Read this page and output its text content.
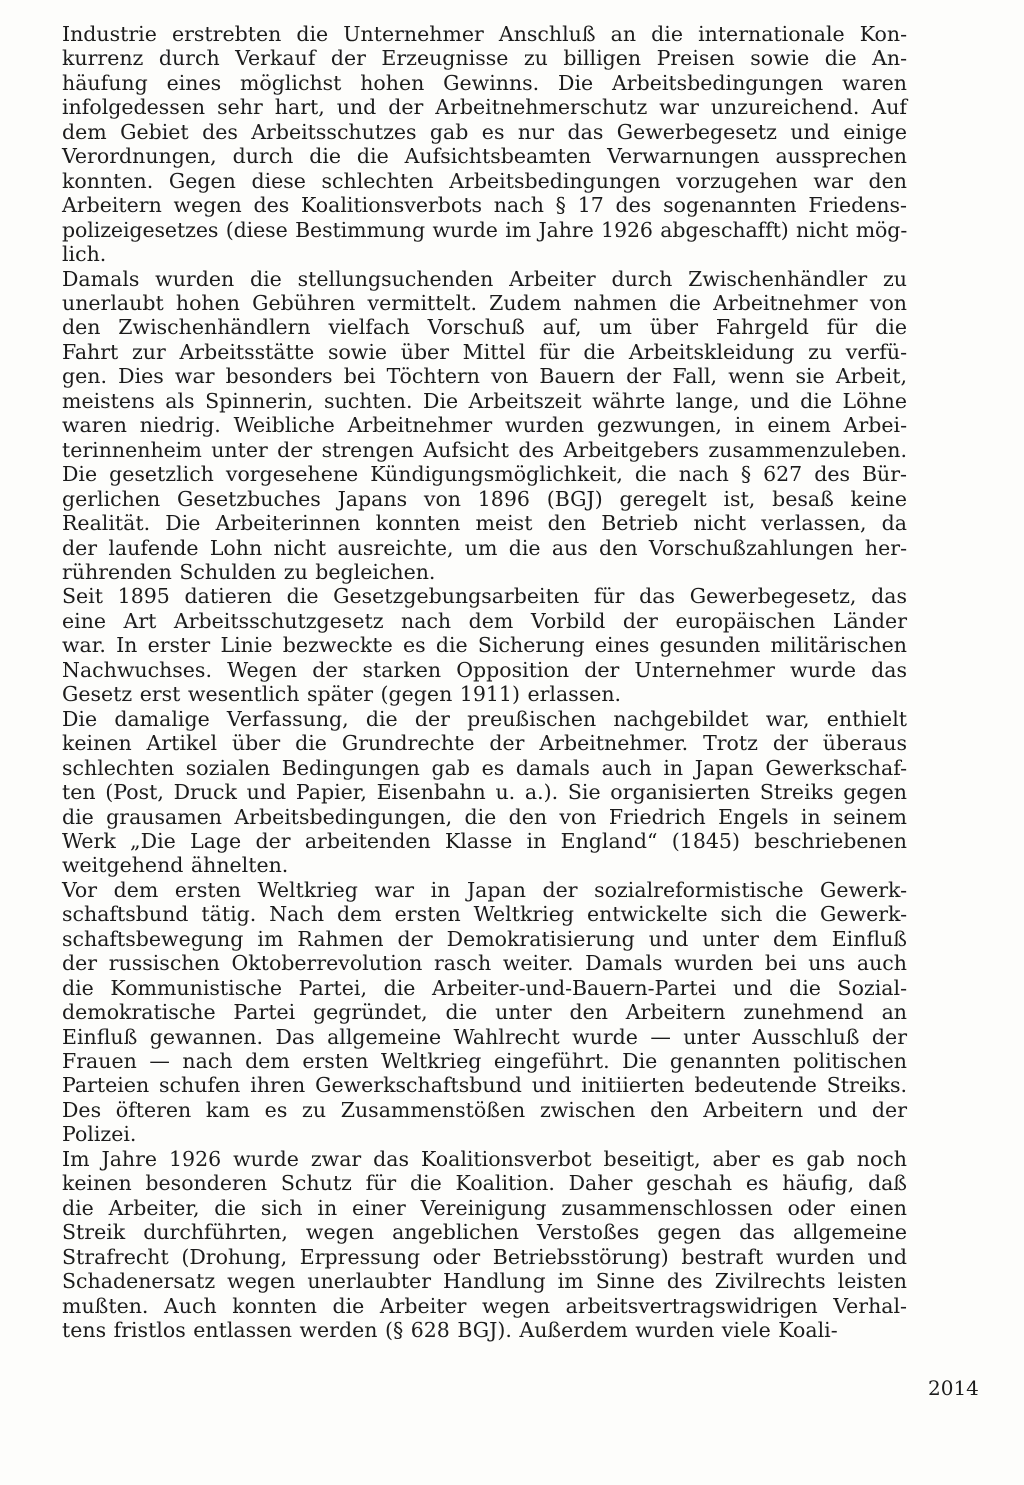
Industrie erstrebten die Unternehmer Anschluß an die internationale Kon-
kurrenz durch Verkauf der Erzeugnisse zu billigen Preisen sowie die An-
häufung eines möglichst hohen Gewinns. Die Arbeitsbedingungen waren
infolgedessen sehr hart, und der Arbeitnehmerschutz war unzureichend. Auf
dem Gebiet des Arbeitsschutzes gab es nur das Gewerbegesetz und einige
Verordnungen, durch die die Aufsichtsbeamten Verwarnungen aussprechen
konnten. Gegen diese schlechten Arbeitsbedingungen vorzugehen war den
Arbeitern wegen des Koalitionsverbots nach § 17 des sogenannten Friedens-
polizeigesetzes (diese Bestimmung wurde im Jahre 1926 abgeschafft) nicht mög-
lich.
Damals wurden die stellungsuchenden Arbeiter durch Zwischenhändler zu
unerlaubt hohen Gebühren vermittelt. Zudem nahmen die Arbeitnehmer von
den Zwischenhändlern vielfach Vorschuß auf, um über Fahrgeld für die
Fahrt zur Arbeitsstätte sowie über Mittel für die Arbeitskleidung zu verfü-
gen. Dies war besonders bei Töchtern von Bauern der Fall, wenn sie Arbeit,
meistens als Spinnerin, suchten. Die Arbeitszeit währte lange, und die Löhne
waren niedrig. Weibliche Arbeitnehmer wurden gezwungen, in einem Arbei-
terinnenheim unter der strengen Aufsicht des Arbeitgebers zusammenzuleben.
Die gesetzlich vorgesehene Kündigungsmöglichkeit, die nach § 627 des Bür-
gerlichen Gesetzbuches Japans von 1896 (BGJ) geregelt ist, besaß keine
Realität. Die Arbeiterinnen konnten meist den Betrieb nicht verlassen, da
der laufende Lohn nicht ausreichte, um die aus den Vorschußzahlungen her-
rührenden Schulden zu begleichen.
Seit 1895 datieren die Gesetzgebungsarbeiten für das Gewerbegesetz, das
eine Art Arbeitsschutzgesetz nach dem Vorbild der europäischen Länder
war. In erster Linie bezweckte es die Sicherung eines gesunden militärischen
Nachwuchses. Wegen der starken Opposition der Unternehmer wurde das
Gesetz erst wesentlich später (gegen 1911) erlassen.
Die damalige Verfassung, die der preußischen nachgebildet war, enthielt
keinen Artikel über die Grundrechte der Arbeitnehmer. Trotz der überaus
schlechten sozialen Bedingungen gab es damals auch in Japan Gewerkschaf-
ten (Post, Druck und Papier, Eisenbahn u. a.). Sie organisierten Streiks gegen
die grausamen Arbeitsbedingungen, die den von Friedrich Engels in seinem
Werk „Die Lage der arbeitenden Klasse in England“ (1845) beschriebenen
weitgehend ähnelten.
Vor dem ersten Weltkrieg war in Japan der sozialreformistische Gewerk-
schaftsbund tätig. Nach dem ersten Weltkrieg entwickelte sich die Gewerk-
schaftsbewegung im Rahmen der Demokratisierung und unter dem Einfluß
der russischen Oktoberrevolution rasch weiter. Damals wurden bei uns auch
die Kommunistische Partei, die Arbeiter-und-Bauern-Partei und die Sozial-
demokratische Partei gegründet, die unter den Arbeitern zunehmend an
Einfluß gewannen. Das allgemeine Wahlrecht wurde — unter Ausschluß der
Frauen — nach dem ersten Weltkrieg eingeführt. Die genannten politischen
Parteien schufen ihren Gewerkschaftsbund und initiierten bedeutende Streiks.
Des öfteren kam es zu Zusammenstößen zwischen den Arbeitern und der
Polizei.
Im Jahre 1926 wurde zwar das Koalitionsverbot beseitigt, aber es gab noch
keinen besonderen Schutz für die Koalition. Daher geschah es häufig, daß
die Arbeiter, die sich in einer Vereinigung zusammenschlossen oder einen
Streik durchführten, wegen angeblichen Verstoßes gegen das allgemeine
Strafrecht (Drohung, Erpressung oder Betriebsstörung) bestraft wurden und
Schadenersatz wegen unerlaubter Handlung im Sinne des Zivilrechts leisten
mußten. Auch konnten die Arbeiter wegen arbeitsvertragswidrigen Verhal-
tens fristlos entlassen werden (§ 628 BGJ). Außerdem wurden viele Koali-
2014
